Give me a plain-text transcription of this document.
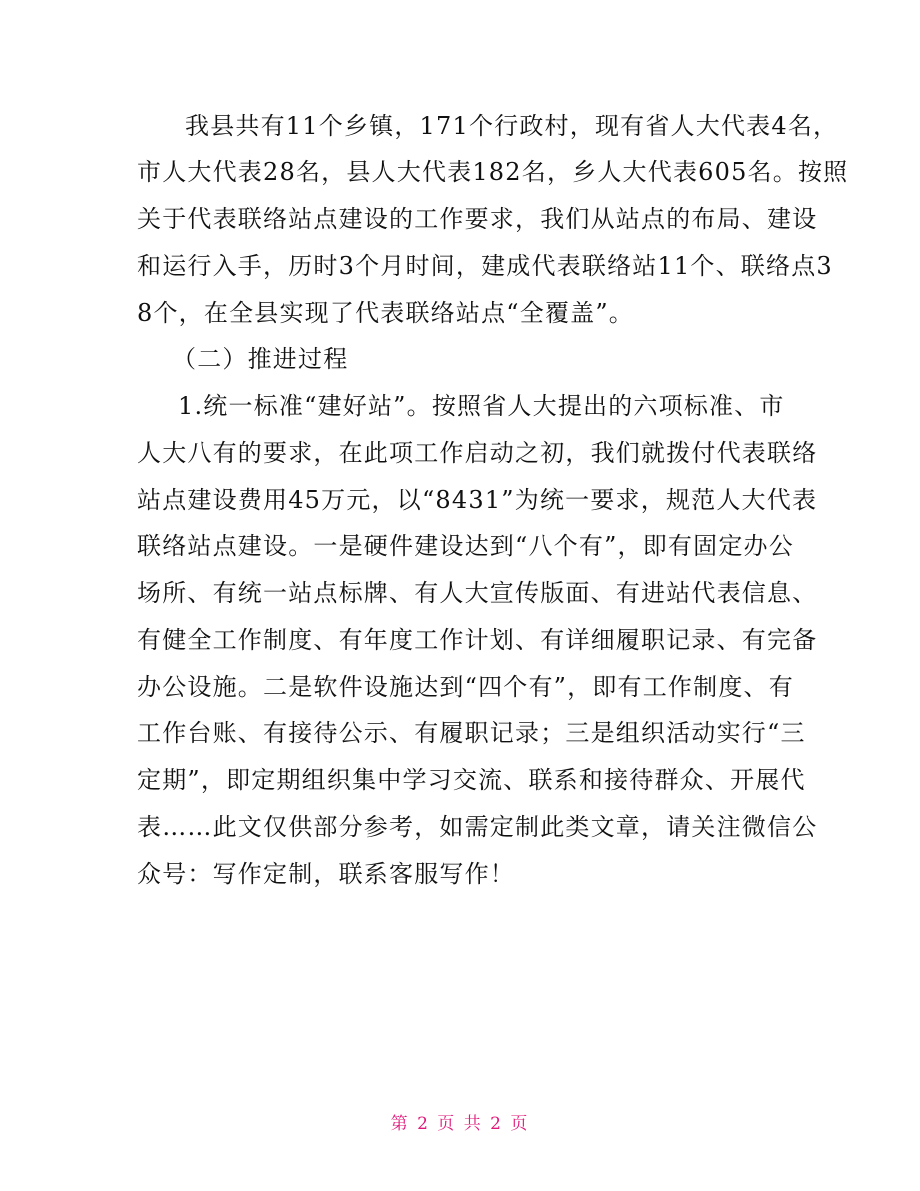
我县共有11个乡镇，171个行政村，现有省人大代表4名，
市人大代表28名，县人大代表182名，乡人大代表605名。按照
关于代表联络站点建设的工作要求，我们从站点的布局、建设
和运行入手，历时3个月时间，建成代表联络站11个、联络点3
8个，在全县实现了代表联络站点“全覆盖”。
（二）推进过程
1.统一标准“建好站”。按照省人大提出的六项标准、市
人大八有的要求，在此项工作启动之初，我们就拨付代表联络
站点建设费用45万元，以“8431”为统一要求，规范人大代表
联络站点建设。一是硬件建设达到“八个有”，即有固定办公
场所、有统一站点标牌、有人大宣传版面、有进站代表信息、
有健全工作制度、有年度工作计划、有详细履职记录、有完备
办公设施。二是软件设施达到“四个有”，即有工作制度、有
工作台账、有接待公示、有履职记录；三是组织活动实行“三
定期”，即定期组织集中学习交流、联系和接待群众、开展代
表……此文仅供部分参考，如需定制此类文章，请关注微信公
众号：写作定制，联系客服写作！
第 2 页 共 2 页
